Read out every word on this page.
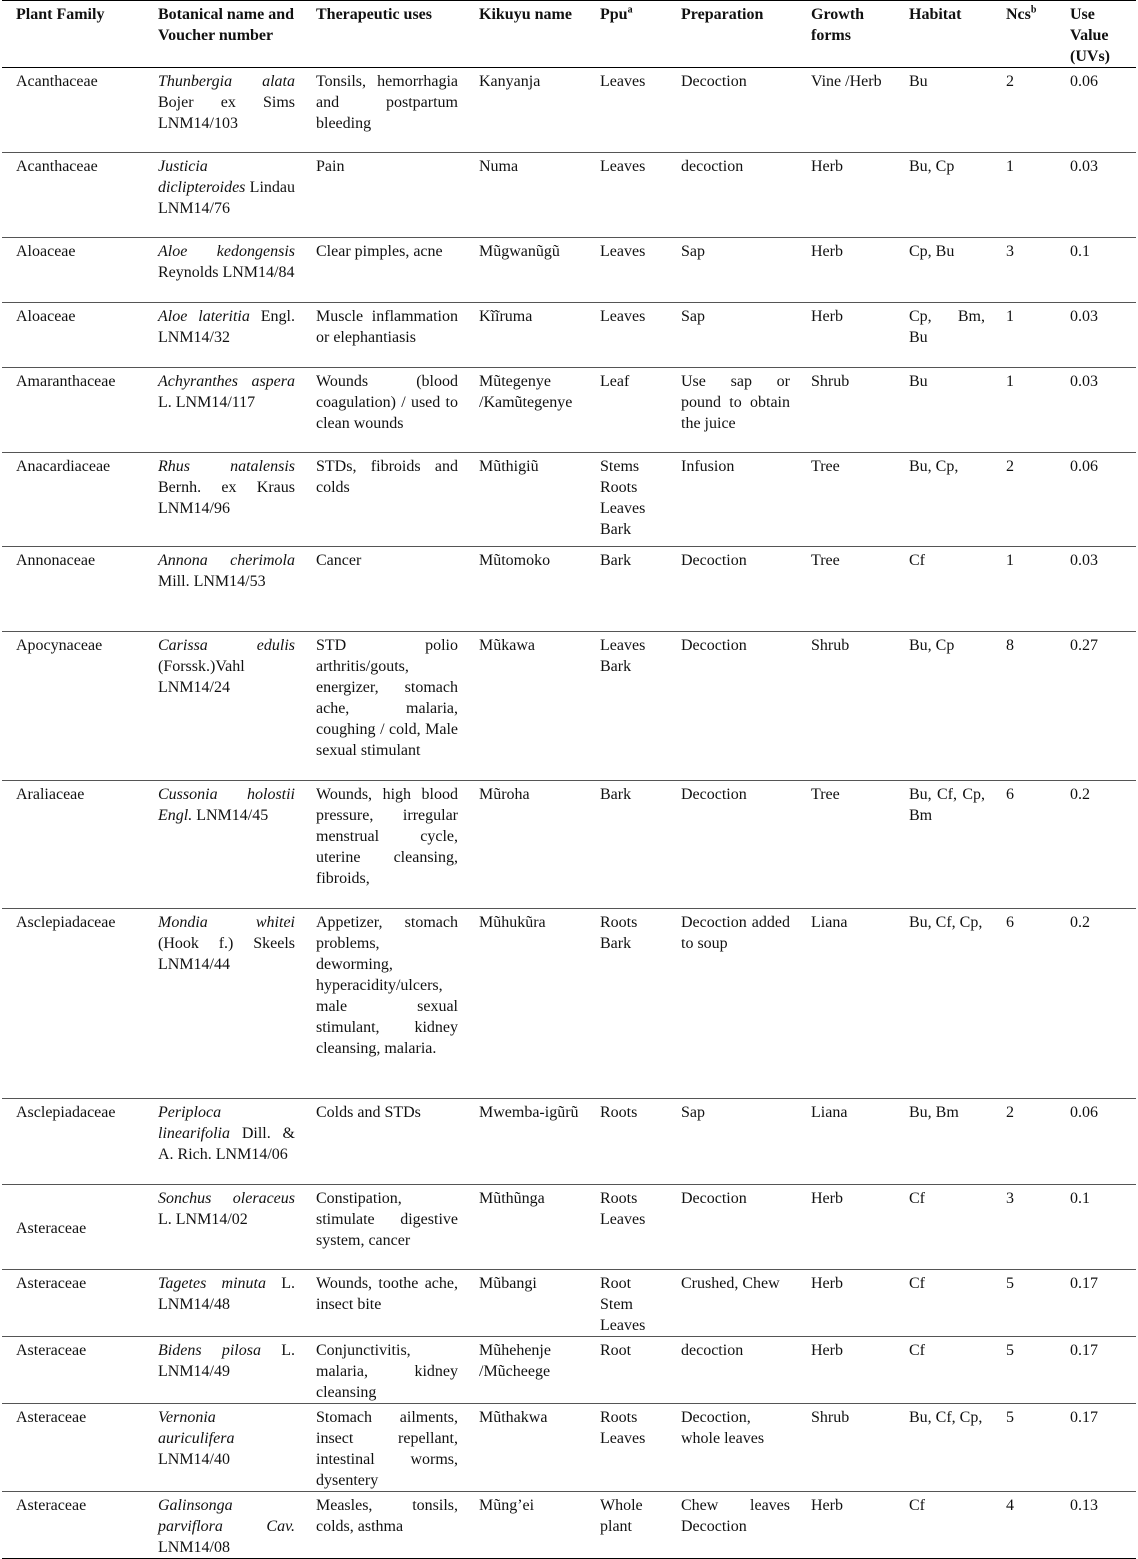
Plant Family	Botanical name and Voucher number	Therapeutic uses	Kikuyu name	Ppu$^a$	Preparation	Growth forms	Habitat	Ncs$^b$	Use Value (UVs)
Acanthaceae	Thunbergia alata Bojer ex Sims LNM14/103	Tonsils, hemorrhagia and postpartum bleeding	Kanyanja	Leaves	Decoction	Vine /Herb	Bu	2	0.06
Acanthaceae	Justicia diclipteroides Lindau LNM14/76	Pain	Numa	Leaves	decoction	Herb	Bu, Cp	1	0.03
Aloaceae	Aloe kedongensis Reynolds LNM14/84	Clear pimples, acne	Mũgwanũgũ	Leaves	Sap	Herb	Cp, Bu	3	0.1
Aloaceae	Aloe lateritia Engl. LNM14/32	Muscle inflammation or elephantiasis	Kĩĩruma	Leaves	Sap	Herb	Cp, Bm, Bu	1	0.03
Amaranthaceae	Achyranthes aspera L. LNM14/117	Wounds (blood coagulation) / used to clean wounds	Mũtegenye /Kamũtegenye	Leaf	Use sap or pound to obtain the juice	Shrub	Bu	1	0.03
Anacardiaceae	Rhus natalensis Bernh. ex Kraus LNM14/96	STDs, fibroids and colds	Mũthigiũ	Stems Roots Leaves Bark	Infusion	Tree	Bu, Cp,	2	0.06
Annonaceae	Annona cherimola Mill. LNM14/53	Cancer	Mũtomoko	Bark	Decoction	Tree	Cf	1	0.03
Apocynaceae	Carissa edulis (Forssk.)Vahl LNM14/24	STD polio arthritis/gouts, energizer, stomach ache, malaria, coughing / cold, Male sexual stimulant	Mũkawa	Leaves Bark	Decoction	Shrub	Bu, Cp	8	0.27
Araliaceae	Cussonia holostii Engl. LNM14/45	Wounds, high blood pressure, irregular menstrual cycle, uterine cleansing, fibroids,	Mũroha	Bark	Decoction	Tree	Bu, Cf, Cp, Bm	6	0.2
Asclepiadaceae	Mondia whitei (Hook f.) Skeels LNM14/44	Appetizer, stomach problems, deworming, hyperacidity/ulcers, male sexual stimulant, kidney cleansing, malaria.	Mũhukũra	Roots Bark	Decoction added to soup	Liana	Bu, Cf, Cp,	6	0.2
Asclepiadaceae	Periploca linearifolia Dill. & A. Rich. LNM14/06	Colds and STDs	Mwemba-igũrũ	Roots	Sap	Liana	Bu, Bm	2	0.06
Asteraceae	Sonchus oleraceus L. LNM14/02	Constipation, stimulate digestive system, cancer	Mũthũnga	Roots Leaves	Decoction	Herb	Cf	3	0.1
Asteraceae	Tagetes minuta L. LNM14/48	Wounds, toothe ache, insect bite	Mũbangi	Root Stem Leaves	Crushed, Chew	Herb	Cf	5	0.17
Asteraceae	Bidens pilosa L. LNM14/49	Conjunctivitis, malaria, kidney cleansing	Mũhehenje /Mũcheege	Root	decoction	Herb	Cf	5	0.17
Asteraceae	Vernonia auriculifera LNM14/40	Stomach ailments, insect repellant, intestinal worms, dysentery	Mũthakwa	Roots Leaves	Decoction, whole leaves	Shrub	Bu, Cf, Cp,	5	0.17
Asteraceae	Galinsonga parviflora Cav. LNM14/08	Measles, tonsils, colds, asthma	Mũng’ei	Whole plant	Chew leaves Decoction	Herb	Cf	4	0.13
